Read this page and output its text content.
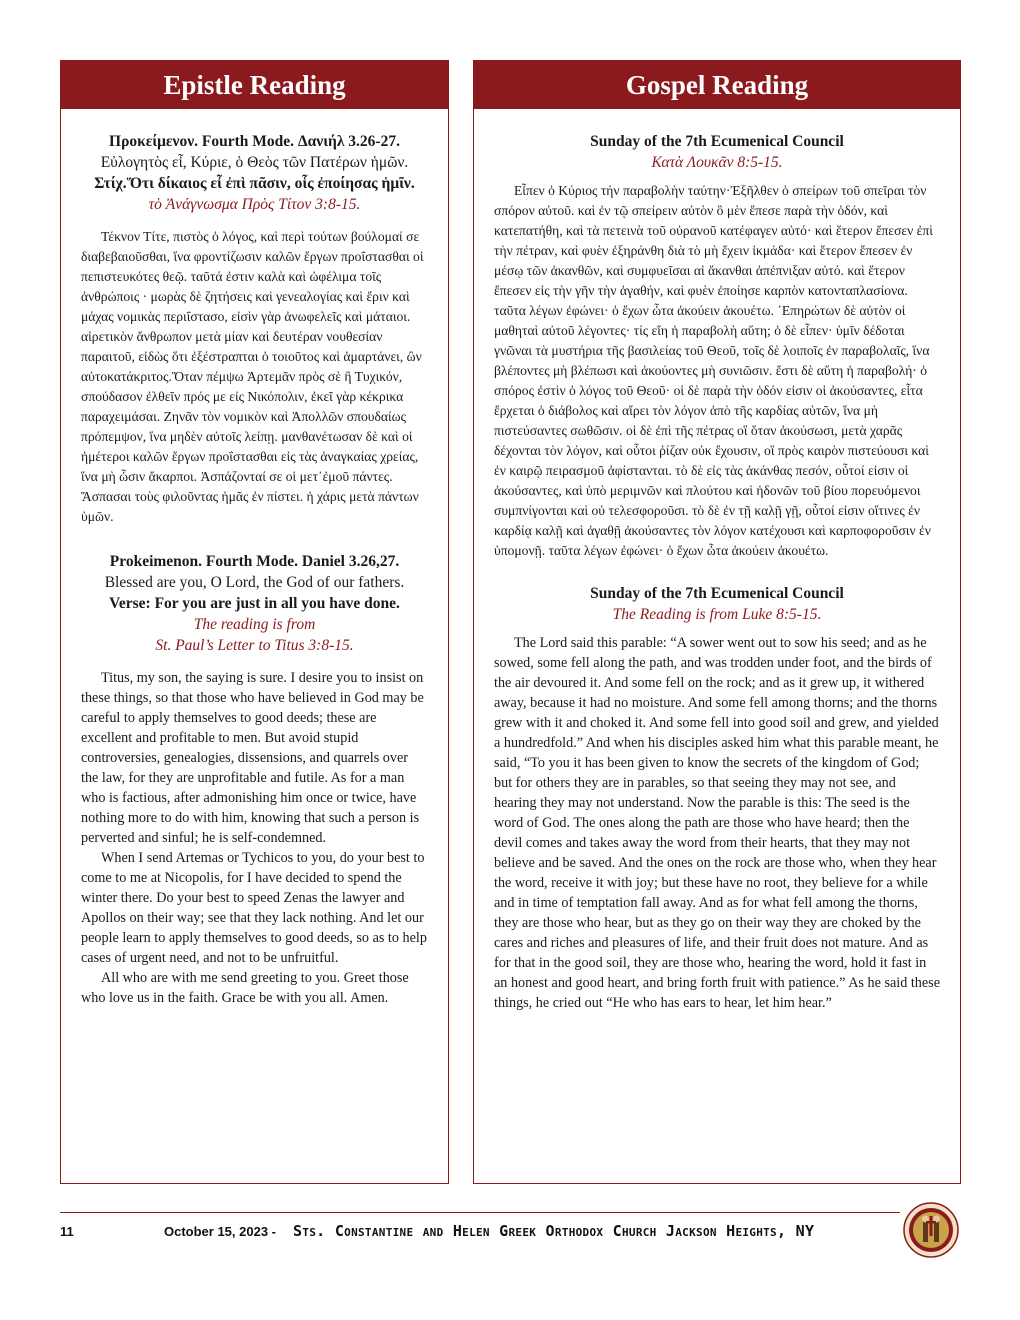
Epistle Reading
Προκείμενον. Fourth Mode. Δανιήλ 3.26-27.
Εὐλογητὸς εἶ, Κύριε, ὁ Θεὸς τῶν Πατέρων ἡμῶν.
Στίχ.Ὅτι δίκαιος εἶ ἐπὶ πᾶσιν, οἷς ἐποίησας ἡμῖν.
τὸ Ἀνάγνωσμα Πρὸς Τίτον 3:8-15.

Τέκνον Τίτε, πιστὸς ὁ λόγος, καὶ περὶ τούτων βούλομαί σε διαβεβαιοῦσθαι, ἵνα φροντίζωσιν καλῶν ἔργων προΐστασθαι οἱ πεπιστευκότες θεῷ. ταῦτά ἐστιν καλὰ καὶ ὠφέλιμα τοῖς ἀνθρώποις · μωρὰς δὲ ζητήσεις καὶ γενεαλογίας καὶ ἔριν καὶ μάχας νομικὰς περιΐστασο, εἰσὶν γὰρ ἀνωφελεῖς καὶ μάταιοι. αἱρετικὸν ἄνθρωπον μετὰ μίαν καὶ δευτέραν νουθεσίαν παραιτοῦ, εἰδὼς ὅτι ἐξέστραπται ὁ τοιοῦτος καὶ ἁμαρτάνει, ὢν αὐτοκατάκριτος.Ὅταν πέμψω Ἀρτεμᾶν πρὸς σὲ ἢ Τυχικόν, σπούδασον ἐλθεῖν πρός με εἰς Νικόπολιν, ἐκεῖ γὰρ κέκρικα παραχειμάσαι. Ζηνᾶν τὸν νομικὸν καὶ Ἀπολλῶν σπουδαίως πρόπεμψον, ἵνα μηδὲν αὐτοῖς λείπῃ. μανθανέτωσαν δὲ καὶ οἱ ἡμέτεροι καλῶν ἔργων προΐστασθαι εἰς τὰς ἀναγκαίας χρείας, ἵνα μὴ ὦσιν ἄκαρποι. Ἀσπάζονταί σε οἱ μετ᾽ἐμοῦ πάντες. Ἄσπασαι τοὺς φιλοῦντας ἡμᾶς ἐν πίστει. ἡ χάρις μετὰ πάντων ὑμῶν.

Prokeimenon. Fourth Mode. Daniel 3.26,27.
Blessed are you, O Lord, the God of our fathers.
Verse: For you are just in all you have done.
The reading is from
St. Paul’s Letter to Titus 3:8-15.

Titus, my son, the saying is sure. I desire you to insist on these things, so that those who have believed in God may be careful to apply themselves to good deeds; these are excellent and profitable to men. But avoid stupid controversies, genealogies, dissensions, and quarrels over the law, for they are unprofitable and futile. As for a man who is factious, after admonishing him once or twice, have nothing more to do with him, knowing that such a person is perverted and sinful; he is self-condemned.

When I send Artemas or Tychicos to you, do your best to come to me at Nicopolis, for I have decided to spend the winter there. Do your best to speed Zenas the lawyer and Apollos on their way; see that they lack nothing. And let our people learn to apply themselves to good deeds, so as to help cases of urgent need, and not to be unfruitful.

All who are with me send greeting to you. Greet those who love us in the faith. Grace be with you all. Amen.

Gospel Reading
Sunday of the 7th Ecumenical Council
Κατὰ Λουκᾶν 8:5-15.

Εἶπεν ὁ Κύριος τήν παραβολὴν ταύτην·Ἐξῆλθεν ὁ σπείρων τοῦ σπεῖραι τὸν σπόρον αὐτοῦ. καὶ ἐν τῷ σπείρειν αὐτὸν ὃ μὲν ἔπεσε παρὰ τὴν ὁδόν, καὶ κατεπατήθη, καὶ τὰ πετεινὰ τοῦ οὐρανοῦ κατέφαγεν αὐτό· καὶ ἕτερον ἔπεσεν ἐπὶ τὴν πέτραν, καὶ φυὲν ἐξηράνθη διὰ τὸ μὴ ἔχειν ἰκμάδα· καὶ ἕτερον ἔπεσεν ἐν μέσῳ τῶν ἀκανθῶν, καὶ συμφυεῖσαι αἱ ἄκανθαι ἀπέπνιξαν αὐτό. καὶ ἕτερον ἔπεσεν εἰς τὴν γῆν τὴν ἀγαθήν, καὶ φυὲν ἐποίησε καρπὸν κατονταπλασίονα. ταῦτα λέγων ἐφώνει· ὁ ἔχων ὦτα ἀκούειν ἀκουέτω. ᾽Επηρώτων δὲ αὐτὸν οἱ μαθηταὶ αὐτοῦ λέγοντες· τίς εἴη ἡ παραβολὴ αὕτη; ὁ δὲ εἶπεν· ὑμῖν δέδοται γνῶναι τὰ μυστήρια τῆς βασιλείας τοῦ Θεοῦ, τοῖς δὲ λοιποῖς ἐν παραβολαῖς, ἵνα βλέποντες μὴ βλέπωσι καὶ ἀκούοντες μὴ συνιῶσιν. ἔστι δὲ αὕτη ἡ παραβολή· ὁ σπόρος ἐστὶν ὁ λόγος τοῦ Θεοῦ· οἱ δὲ παρὰ τὴν ὁδόν εἰσιν οἱ ἀκούσαντες, εἶτα ἔρχεται ὁ διάβολος καὶ αἴρει τὸν λόγον ἀπὸ τῆς καρδίας αὐτῶν, ἵνα μὴ πιστεύσαντες σωθῶσιν. οἱ δὲ ἐπὶ τῆς πέτρας οἳ ὅταν ἀκούσωσι, μετὰ χαρᾶς δέχονται τὸν λόγον, καὶ οὗτοι ῥίζαν οὐκ ἔχουσιν, οἳ πρὸς καιρὸν πιστεύουσι καὶ ἐν καιρῷ πειρασμοῦ ἀφίστανται. τὸ δὲ εἰς τὰς ἀκάνθας πεσόν, οὗτοί εἰσιν οἱ ἀκούσαντες, καὶ ὑπὸ μεριμνῶν καὶ πλούτου καὶ ἡδονῶν τοῦ βίου πορευόμενοι συμπνίγονται καὶ οὐ τελεσφοροῦσι. τὸ δὲ ἐν τῇ καλῇ γῇ, οὗτοί εἰσιν οἵτινες ἐν καρδίᾳ καλῇ καὶ ἀγαθῇ ἀκούσαντες τὸν λόγον κατέχουσι καὶ καρποφοροῦσιν ἐν ὑπομονῇ. ταῦτα λέγων ἐφώνει· ὁ ἔχων ὦτα ἀκούειν ἀκουέτω.

Sunday of the 7th Ecumenical Council
The Reading is from Luke 8:5-15.

The Lord said this parable: “A sower went out to sow his seed; and as he sowed, some fell along the path, and was trodden under foot, and the birds of the air devoured it. And some fell on the rock; and as it grew up, it withered away, because it had no moisture. And some fell among thorns; and the thorns grew with it and choked it. And some fell into good soil and grew, and yielded a hundredfold.” And when his disciples asked him what this parable meant, he said, “To you it has been given to know the secrets of the kingdom of God; but for others they are in parables, so that seeing they may not see, and hearing they may not understand. Now the parable is this: The seed is the word of God. The ones along the path are those who have heard; then the devil comes and takes away the word from their hearts, that they may not believe and be saved. And the ones on the rock are those who, when they hear the word, receive it with joy; but these have no root, they believe for a while and in time of temptation fall away. And as for what fell among the thorns, they are those who hear, but as they go on their way they are choked by the cares and riches and pleasures of life, and their fruit does not mature. And as for that in the good soil, they are those who, hearing the word, hold it fast in an honest and good heart, and bring forth fruit with patience.” As he said these things, he cried out “He who has ears to hear, let him hear.”

11	October 15, 2023 - Sts. Constantine and Helen Greek Orthodox Church Jackson Heights, NY
